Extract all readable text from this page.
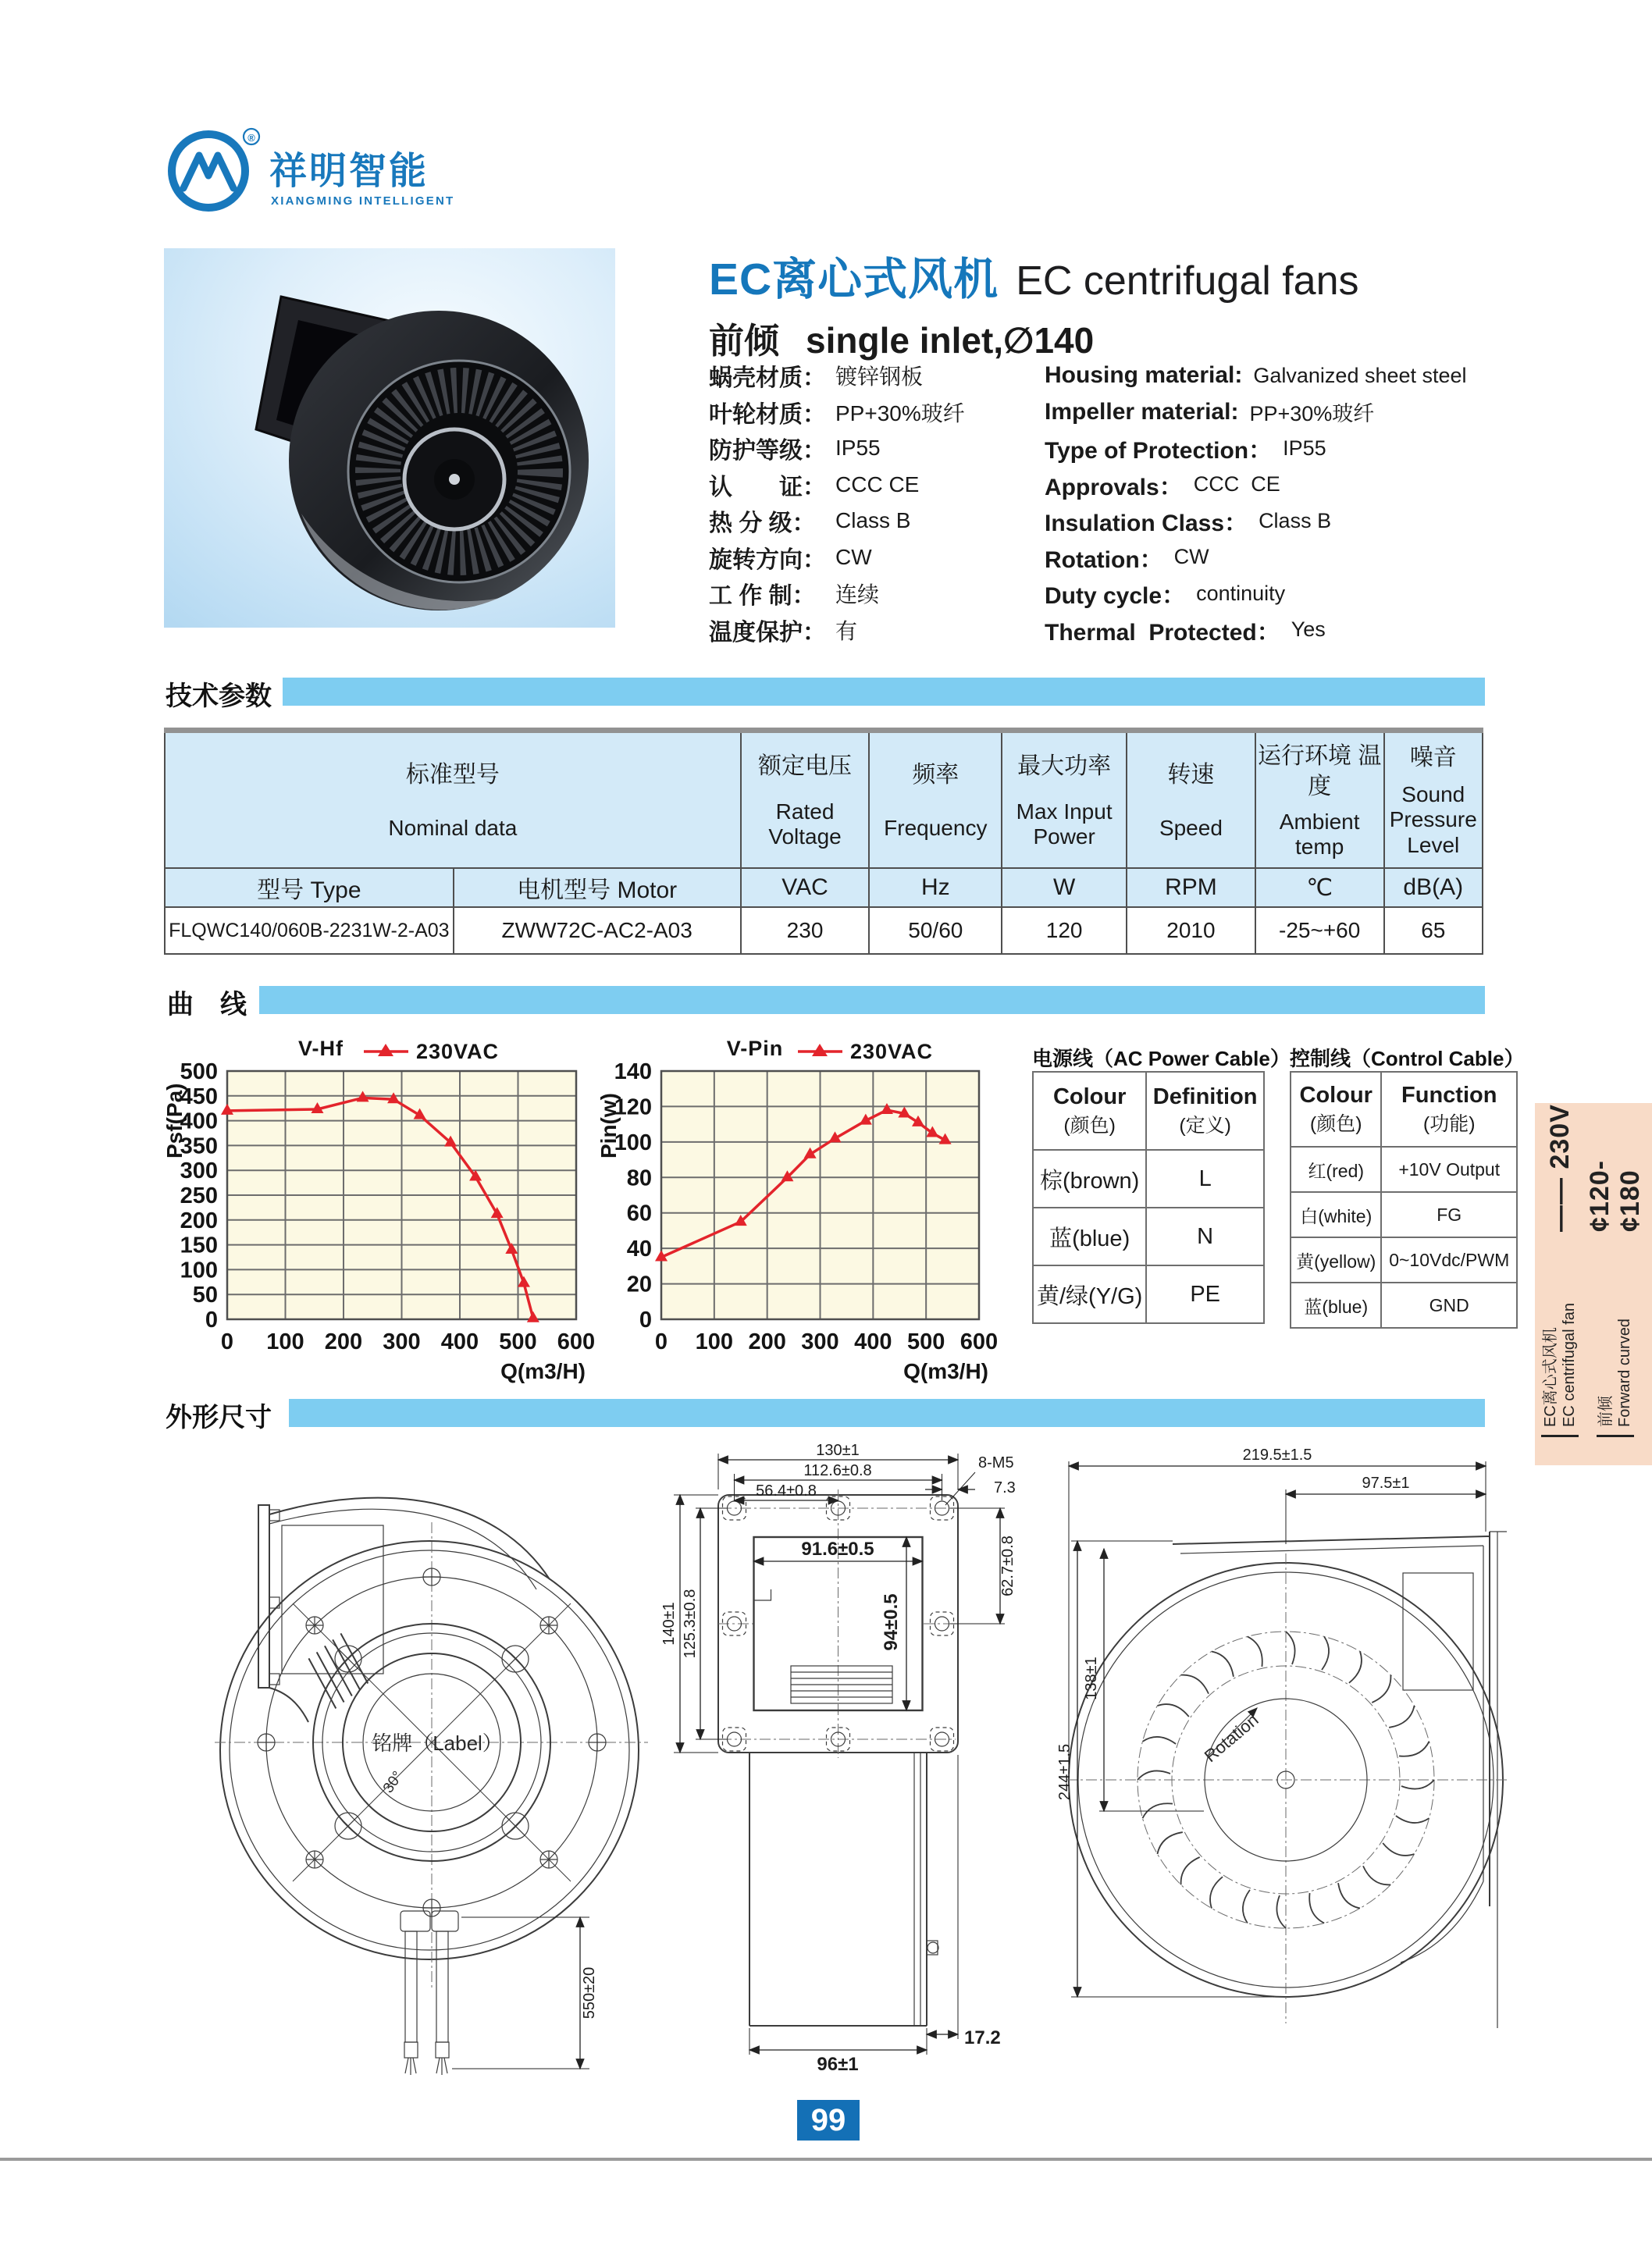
®
祥明智能
XIANGMING INTELLIGENT
EC离心式风机 EC centrifugal fans
前倾 single inlet,∅140
蜗壳材质： 镀锌钢板	Housing material: Galvanized sheet steel
叶轮材质： PP+30%玻纤	Impeller material: PP+30%玻纤
防护等级： IP55	Type of Protection： IP55
认　　证： CCC CE	Approvals： CCC  CE
热 分 级： Class B	Insulation Class： Class B
旋转方向： CW	Rotation： CW
工 作 制： 连续	Duty cycle： continuity
温度保护： 有	Thermal  Protected： Yes
技术参数
标准型号
Nominal data

额定电压
Rated Voltage

频率
Frequency

最大功率
Max Input Power

转速
Speed

运行环境 温度
Ambient temp

噪音
Sound Pressure Level

型号 Type	电机型号 Motor	VAC	Hz	W	RPM	℃	dB(A)
FLQWC140/060B-2231W-2-A03	ZWW72C-AC2-A03	230	50/60	120	2010	-25~+60	65
曲　线
0 100 200 300 400 500 600
0
50
100
150
200
250
300
350
400
450
500
V-Hf	230VAC
Psf(Pa)
Q(m3/H)
0 100 200 300 400 500 600
0
20
40
60
80
100
120
140
V-Pin	230VAC
Pin(w)
Q(m3/H)
电源线（AC Power Cable）
Colour
(颜色)

Definition
(定义)

棕(brown)	L
蓝(blue)	N
黄/绿(Y/G)	PE
控制线（Control Cable）
Colour
(颜色)

Function
(功能)

红(red)	+10V Output
白(white)	FG
黄(yellow)	0~10Vdc/PWM
蓝(blue)	GND
EC离心式风机 EC centrifugal fan
—— 230V
前倾 Forward curved
¢120-¢180
外形尺寸
铭牌（Label）
30°
550±20
130±1
112.6±0.8
56.4±0.8
8-M5
7.3
91.6±0.5
94±0.5
62.7±0.8
140±1 125.3±0.8
96±1
17.2
Rotation
219.5±1.5
97.5±1
244±1.5
138±1
99
